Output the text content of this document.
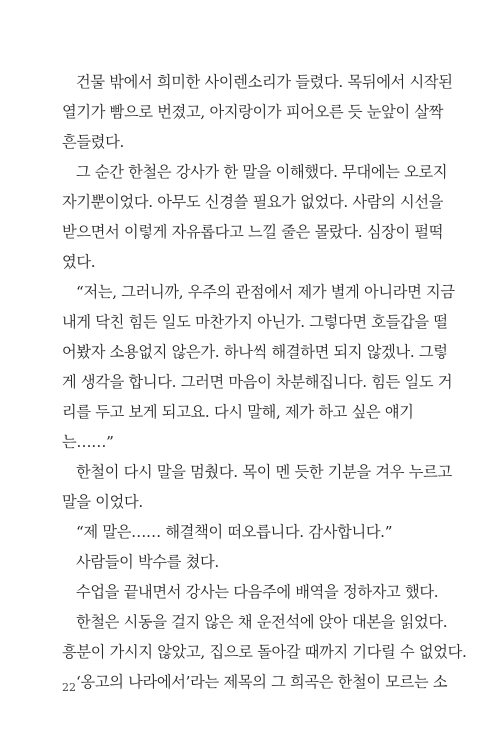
건물 밖에서 희미한 사이렌소리가 들렸다. 목뒤에서 시작된
열기가 빰으로 번졌고, 아지랑이가 피어오른 듯 눈앞이 살짝
흔들렸다.
그 순간 한철은 강사가 한 말을 이해했다. 무대에는 오로지
자기뿐이었다. 아무도 신경쓸 필요가 없었다. 사람의 시선을
받으면서 이렇게 자유롭다고 느낄 줄은 몰랐다. 심장이 펄떡
였다.
“저는, 그러니까, 우주의 관점에서 제가 별게 아니라면 지금
내게 닥친 힘든 일도 마찬가지 아닌가. 그렇다면 호들갑을 떨
어봤자 소용없지 않은가. 하나씩 해결하면 되지 않겠나. 그렇
게 생각을 합니다. 그러면 마음이 차분해집니다. 힘든 일도 거
리를 두고 보게 되고요. 다시 말해, 제가 하고 싶은 얘기
는……”
한철이 다시 말을 멈췄다. 목이 멘 듯한 기분을 겨우 누르고
말을 이었다.
“제 말은…… 해결책이 떠오릅니다. 감사합니다.”
사람들이 박수를 쳤다.
수업을 끝내면서 강사는 다음주에 배역을 정하자고 했다.
한철은 시동을 걸지 않은 채 운전석에 앉아 대본을 읽었다.
흥분이 가시지 않았고, 집으로 돌아갈 때까지 기다릴 수 없었다.
‘옹고의 나라에서’라는 제목의 그 희곡은 한철이 모르는 소
22
